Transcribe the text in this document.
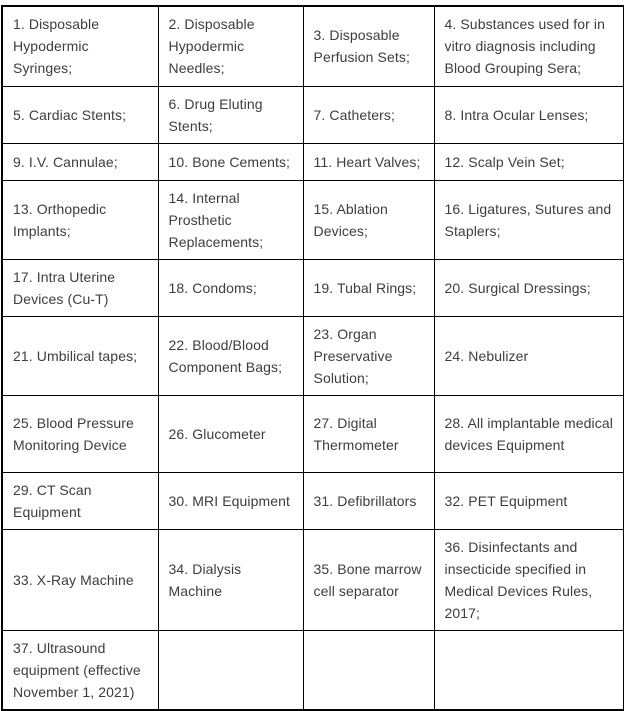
1. Disposable Hypodermic Syringes;	2. Disposable Hypodermic Needles;	3. Disposable Perfusion Sets;	4. Substances used for in vitro diagnosis including Blood Grouping Sera;
5. Cardiac Stents;	6. Drug Eluting Stents;	7. Catheters;	8. Intra Ocular Lenses;
9. I.V. Cannulae;	10. Bone Cements;	11. Heart Valves;	12. Scalp Vein Set;
13. Orthopedic Implants;	14. Internal Prosthetic Replacements;	15. Ablation Devices;	16. Ligatures, Sutures and Staplers;
17. Intra Uterine Devices (Cu-T)	18. Condoms;	19. Tubal Rings;	20. Surgical Dressings;
21. Umbilical tapes;	22. Blood/Blood Component Bags;	23. Organ Preservative Solution;	24. Nebulizer
25. Blood Pressure Monitoring Device	26. Glucometer	27. Digital Thermometer	28. All implantable medical devices Equipment
29. CT Scan Equipment	30. MRI Equipment	31. Defibrillators	32. PET Equipment
33. X-Ray Machine	34. Dialysis Machine	35. Bone marrow cell separator	36. Disinfectants and insecticide specified in Medical Devices Rules, 2017;
37. Ultrasound equipment (effective November 1, 2021)			
